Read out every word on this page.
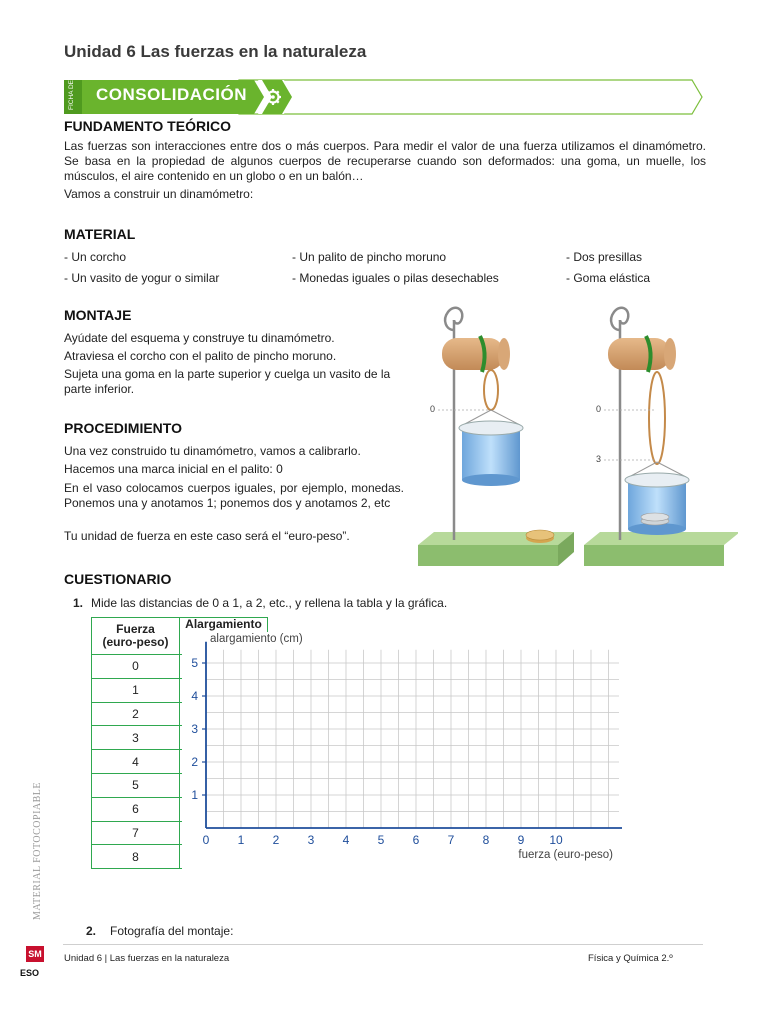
Unidad 6 Las fuerzas en la naturaleza
FICHA DE CONSOLIDACIÓN
FUNDAMENTO TEÓRICO
Las fuerzas son interacciones entre dos o más cuerpos. Para medir el valor de una fuerza utilizamos el dinamómetro. Se basa en la propiedad de algunos cuerpos de recuperarse cuando son deformados: una goma, un muelle, los músculos, el aire contenido en un globo o en un balón…
Vamos a construir un dinamómetro:
MATERIAL
- Un corcho
- Un vasito de yogur o similar
- Un palito de pincho moruno
- Monedas iguales o pilas desechables
- Dos presillas
- Goma elástica
MONTAJE
Ayúdate del esquema y construye tu dinamómetro.
Atraviesa el corcho con el palito de pincho moruno.
Sujeta una goma en la parte superior y cuelga un vasito de la parte inferior.
PROCEDIMIENTO
Una vez construido tu dinamómetro, vamos a calibrarlo.
Hacemos una marca inicial en el palito: 0
En el vaso colocamos cuerpos iguales, por ejemplo, monedas. Ponemos una y anotamos 1; ponemos dos y anotamos 2, etc
Tu unidad de fuerza en este caso será el “euro-peso”.
0	0
3
CUESTIONARIO
1. Mide las distancias de 0 a 1, a 2, etc., y rellena la tabla y la gráfica.
Fuerza
(euro-peso)	Alargamiento
0	
1	
2	
3	
4	
5	
6	
7	
8	
0 1 2 3 4 5 6 7 8 9 10
1
2
3
4
5
alargamiento (cm)
fuerza (euro-peso)
2. Fotografía del montaje:
MATERIAL FOTOCOPIABLE
SM
ESO
Unidad 6 | Las fuerzas en la naturaleza	Física y Química 2.º
